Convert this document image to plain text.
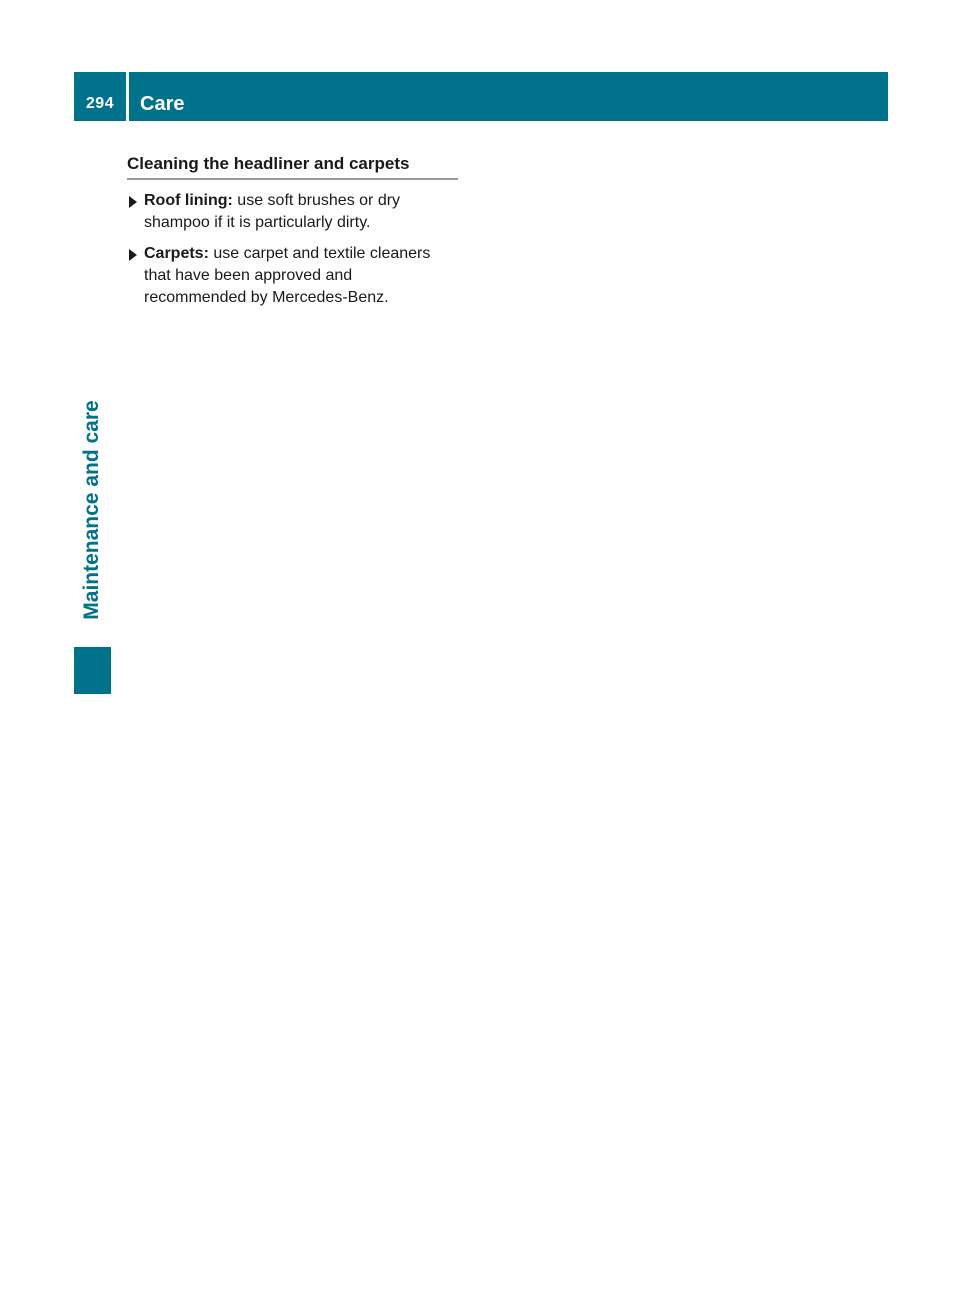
294	Care
Maintenance and care
Cleaning the headliner and carpets
Roof lining: use soft brushes or dry shampoo if it is particularly dirty.
Carpets: use carpet and textile cleaners that have been approved and recommended by Mercedes-Benz.
